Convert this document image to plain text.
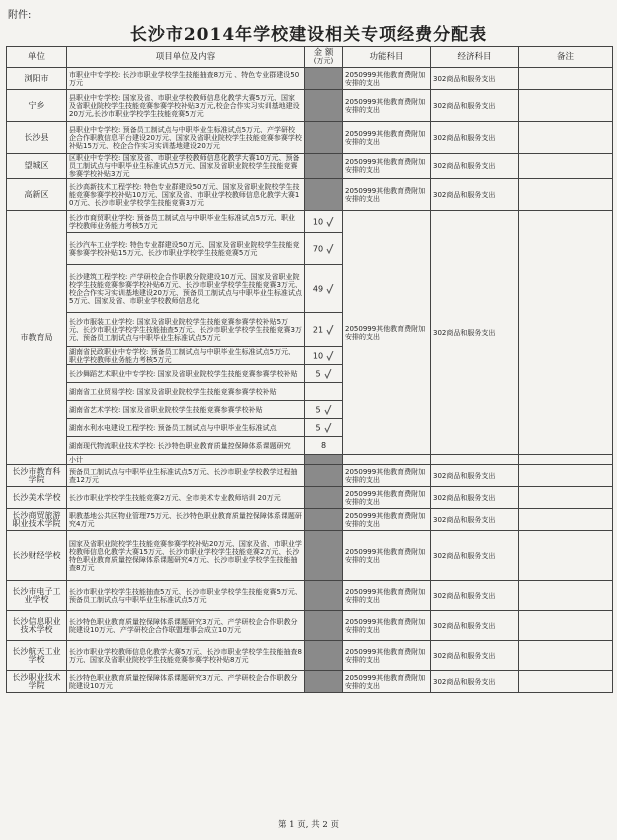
附件:
长沙市2014年学校建设相关专项经费分配表
单位	项目单位及内容	金 额
(万元)	功能科目	经济科目	备注
浏阳市	市职业中专学校: 长沙市职业学校学生技能抽查8万元 、特色专业群建设50万元		2050999其他教育费附加安排的支出	302商品和服务支出	
宁乡	县职业中专学校: 国家及省、市职业学校教师信息化教学大赛5万元、国家及省职业院校学生技能竞赛参赛学校补贴3万元,校企合作实习实训基地建设20万元,长沙市职业学校学生技能竞赛5万元		2050999其他教育费附加安排的支出	302商品和服务支出	
长沙县	县职业中专学校: 预备员工制试点与中职毕业生标准试点5万元、产学研校企合作职教信息平台建设20万元、国家及省职业院校学生技能竞赛参赛学校补贴15万元、校企合作实习实训基地建设20万元		2050999其他教育费附加安排的支出	302商品和服务支出	
望城区	区职业中专学校: 国家及省、市职业学校教师信息化教学大赛10万元、预备员工制试点与中职毕业生标准试点5万元、国家及省职业院校学生技能竞赛参赛学校补贴3万元		2050999其他教育费附加安排的支出	302商品和服务支出	
高新区	长沙高新技术工程学校: 特色专业群建设50万元、国家及省职业院校学生技能竞赛参赛学校补贴10万元、国家及省、市职业学校教师信息化教学大赛10万元、长沙市职业学校学生技能竞赛3万元		2050999其他教育费附加安排的支出	302商品和服务支出	
市教育局	长沙市商贸职业学校: 预备员工制试点与中职毕业生标准试点5万元、职业学校教师业务能力考核5万元	10	2050999其他教育费附加安排的支出	302商品和服务支出	
	长沙汽车工业学校: 特色专业群建设50万元、国家及省职业院校学生技能竞赛参赛学校补贴15万元、长沙市职业学校学生技能竞赛5万元	70			

	长沙建筑工程学校: 产学研校企合作职教分院建设10万元、国家及省职业院校学生技能竞赛参赛学校补贴6万元、长沙市职业学校学生技能竞赛3万元、校企合作实习实训基地建设20万元、预备员工制试点与中职毕业生标准试点5万元、国家及省、市职业学校教师信息化	49			

	长沙市服装工业学校: 国家及省职业院校学生技能竞赛参赛学校补贴5万元、长沙市职业学校学生技能抽查5万元、长沙市职业学校学生技能竞赛3万元、预备员工制试点与中职毕业生标准试点5万元	21			

	湖南省民政职业中专学校: 预备员工制试点与中职毕业生标准试点5万元、职业学校教师业务能力考核5万元	10			

	长沙舞蹈艺术职业中专学校: 国家及省职业院校学生技能竞赛参赛学校补贴	5			

	湖南省工业贸易学校: 国家及省职业院校学生技能竞赛参赛学校补贴				
	湖南省艺术学校: 国家及省职业院校学生技能竞赛参赛学校补贴	5			

	湖南水利水电建设工程学校: 预备员工制试点与中职毕业生标准试点	5			

	湖南现代物流职业技术学校: 长沙特色职业教育质量控保障体系课题研究	8			
	小计				
长沙市教育科学院	预备员工制试点与中职毕业生标准试点5万元、长沙市职业学校教学过程抽查12万元		2050999其他教育费附加安排的支出	302商品和服务支出	
长沙美术学校	长沙市职业学校学生技能竞赛2万元、全市美术专业教师培训 20万元		2050999其他教育费附加安排的支出	302商品和服务支出	
长沙商贸旅游职业技术学院	职教基地公共区物业管理75万元、长沙特色职业教育质量控保障体系课题研究4万元		2050999其他教育费附加安排的支出	302商品和服务支出	
长沙财经学校	国家及省职业院校学生技能竞赛参赛学校补贴20万元、国家及省、市职业学校教师信息化教学大赛15万元、长沙市职业学校学生技能竞赛2万元、长沙特色职业教育质量控保障体系课题研究4万元、长沙市职业学校学生技能抽查8万元		2050999其他教育费附加安排的支出	302商品和服务支出	
长沙市电子工业学校	长沙市职业学校学生技能抽查5万元、长沙市职业学校学生技能竞赛5万元、预备员工制试点与中职毕业生标准试点5万元		2050999其他教育费附加安排的支出	302商品和服务支出	
长沙信息职业技术学校	长沙特色职业教育质量控保障体系课题研究3万元、产学研校企合作职教分院建设10万元、产学研校企合作联盟理事会成立10万元		2050999其他教育费附加安排的支出	302商品和服务支出	
长沙航天工业学校	长沙市职业学校教师信息化教学大赛5万元、长沙市职业学校学生技能抽查8万元、国家及省职业院校学生技能竞赛参赛学校补贴8万元		2050999其他教育费附加安排的支出	302商品和服务支出	
长沙职业技术学院	长沙特色职业教育质量控保障体系课题研究3万元、产学研校企合作职教分院建设10万元		2050999其他教育费附加安排的支出	302商品和服务支出	
第 1 页, 共 2 页
